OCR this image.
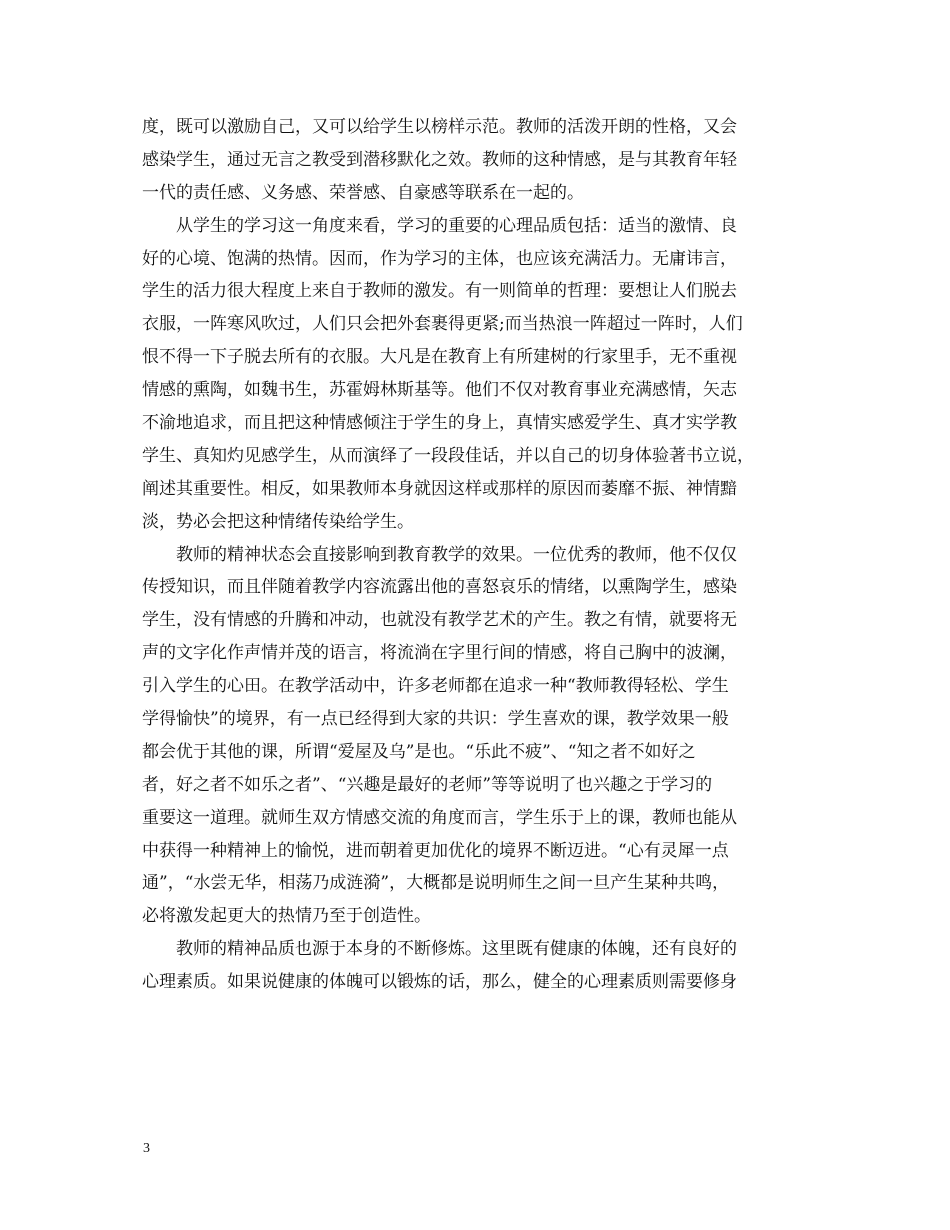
度，既可以激励自己，又可以给学生以榜样示范。教师的活泼开朗的性格，又会
感染学生，通过无言之教受到潜移默化之效。教师的这种情感，是与其教育年轻
一代的责任感、义务感、荣誉感、自豪感等联系在一起的。
　　从学生的学习这一角度来看，学习的重要的心理品质包括：适当的激情、良
好的心境、饱满的热情。因而，作为学习的主体，也应该充满活力。无庸讳言，
学生的活力很大程度上来自于教师的激发。有一则简单的哲理：要想让人们脱去
衣服，一阵寒风吹过，人们只会把外套裹得更紧;而当热浪一阵超过一阵时，人们
恨不得一下子脱去所有的衣服。大凡是在教育上有所建树的行家里手，无不重视
情感的熏陶，如魏书生，苏霍姆林斯基等。他们不仅对教育事业充满感情，矢志
不渝地追求，而且把这种情感倾注于学生的身上，真情实感爱学生、真才实学教
学生、真知灼见感学生，从而演绎了一段段佳话，并以自己的切身体验著书立说，
阐述其重要性。相反，如果教师本身就因这样或那样的原因而萎靡不振、神情黯
淡，势必会把这种情绪传染给学生。
　　教师的精神状态会直接影响到教育教学的效果。一位优秀的教师，他不仅仅
传授知识，而且伴随着教学内容流露出他的喜怒哀乐的情绪，以熏陶学生，感染
学生，没有情感的升腾和冲动，也就没有教学艺术的产生。教之有情，就要将无
声的文字化作声情并茂的语言，将流淌在字里行间的情感，将自己胸中的波澜，
引入学生的心田。在教学活动中，许多老师都在追求一种“教师教得轻松、学生
学得愉快”的境界，有一点已经得到大家的共识：学生喜欢的课，教学效果一般
都会优于其他的课，所谓“爱屋及乌”是也。“乐此不疲”、“知之者不如好之
者，好之者不如乐之者”、“兴趣是最好的老师”等等说明了也兴趣之于学习的
重要这一道理。就师生双方情感交流的角度而言，学生乐于上的课，教师也能从
中获得一种精神上的愉悦，进而朝着更加优化的境界不断迈进。“心有灵犀一点
通”，“水尝无华，相荡乃成涟漪”，大概都是说明师生之间一旦产生某种共鸣，
必将激发起更大的热情乃至于创造性。
　　教师的精神品质也源于本身的不断修炼。这里既有健康的体魄，还有良好的
心理素质。如果说健康的体魄可以锻炼的话，那么，健全的心理素质则需要修身
3
